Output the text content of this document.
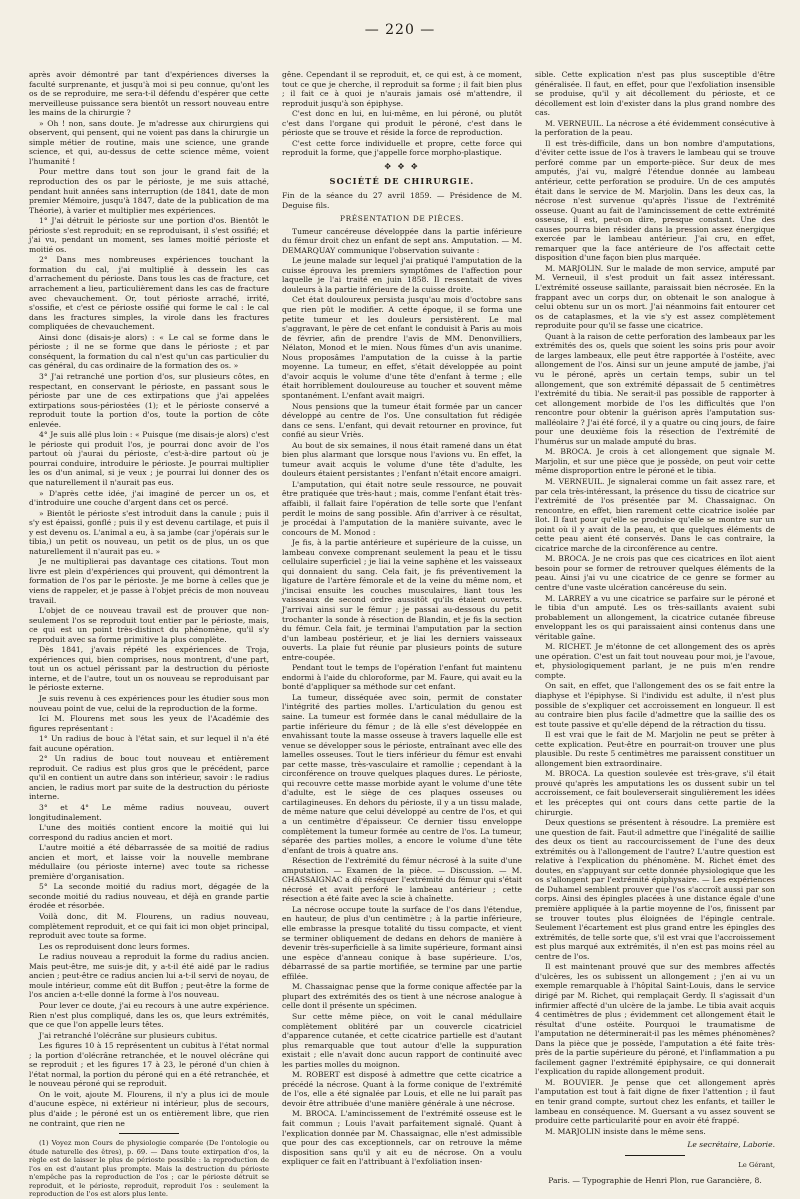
— 220 —

après avoir démontré par tant d'expériences diverses la faculté surprenante, et jusqu'à moi si peu connue, qu'ont les os de se reproduire, me sera-t-il défendu d'espérer que cette merveilleuse puissance sera bientôt un ressort nouveau entre les mains de la chirurgie ?

» Oh ! non, sans doute. Je m'adresse aux chirurgiens qui observent, qui pensent, qui ne voient pas dans la chirurgie un simple métier de routine, mais une science, une grande science, et qui, au-dessus de cette science même, voient l'humanité !

Pour mettre dans tout son jour le grand fait de la reproduction des os par le périoste, je me suis attaché, pendant huit années sans interruption (de 1841, date de mon premier Mémoire, jusqu'à 1847, date de la publication de ma Théorie), à varier et multiplier mes expériences.

1° J'ai détruit le périoste sur une portion d'os. Bientôt le périoste s'est reproduit; en se reproduisant, il s'est ossifié; et j'ai vu, pendant un moment, ses lames moitié périoste et moitié os.

2° Dans mes nombreuses expériences touchant la formation du cal, j'ai multiplié à dessein les cas d'arrachement du périoste. Dans tous les cas de fracture, cet arrachement a lieu, particulièrement dans les cas de fracture avec chevauchement. Or, tout périoste arraché, irrité, s'ossifie, et c'est ce périoste ossifié qui forme le cal : le cal dans les fractures simples, la virole dans les fractures compliquées de chevauchement.

Ainsi donc (disais-je alors) : « Le cal se forme dans le périoste ; il ne se forme que dans le périoste ; et par conséquent, la formation du cal n'est qu'un cas particulier du cas général, du cas ordinaire de la formation des os. »

3° J'ai retranché une portion d'os, sur plusieurs côtes, en respectant, en conservant le périoste, en passant sous le périoste par une de ces extirpations que j'ai appelées extirpations sous-périostées (1); et le périoste conservé a reproduit toute la portion d'os, toute la portion de côte enlevée.

4° Je suis allé plus loin : « Puisque (me disais-je alors) c'est le périoste qui produit l'os, je pourrai donc avoir de l'os partout où j'aurai du périoste, c'est-à-dire partout où je pourrai conduire, introduire le périoste. Je pourrai multiplier les os d'un animal, si je veux ; je pourrai lui donner des os que naturellement il n'aurait pas eus.

» D'après cette idée, j'ai imaginé de percer un os, et d'introduire une couche d'argent dans cet os percé.

» Bientôt le périoste s'est introduit dans la canule ; puis il s'y est épaissi, gonflé ; puis il y est devenu cartilage, et puis il y est devenu os. L'animal a eu, à sa jambe (car j'opérais sur le tibia,) un petit os nouveau, un petit os de plus, un os que naturellement il n'aurait pas eu. »

Je ne multiplierai pas davantage ces citations. Tout mon livre est plein d'expériences qui prouvent, qui démontrent la formation de l'os par le périoste. Je me borne à celles que je viens de rappeler, et je passe à l'objet précis de mon nouveau travail.

L'objet de ce nouveau travail est de prouver que non-seulement l'os se reproduit tout entier par le périoste, mais, ce qui est un point très-distinct du phénomène, qu'il s'y reproduit avec sa forme primitive la plus complète.

Dès 1841, j'avais répété les expériences de Troja, expériences qui, bien comprises, nous montrent, d'une part, tout un os actuel périssant par la destruction du périoste interne, et de l'autre, tout un os nouveau se reproduisant par le périoste externe.

Je suis revenu à ces expériences pour les étudier sous mon nouveau point de vue, celui de la reproduction de la forme.

Ici M. Flourens met sous les yeux de l'Académie des figures représentant :

1° Un radius de bouc à l'état sain, et sur lequel il n'a été fait aucune opération.

2° Un radius de bouc tout nouveau et entièrement reproduit. Ce radius est plus gros que le précédent, parce qu'il en contient un autre dans son intérieur, savoir : le radius ancien, le radius mort par suite de la destruction du périoste interne.

3° et 4° Le même radius nouveau, ouvert longitudinalement.

L'une des moitiés contient encore la moitié qui lui correspond du radius ancien et mort.

L'autre moitié a été débarrassée de sa moitié de radius ancien et mort, et laisse voir la nouvelle membrane médullaire (ou périoste interne) avec toute sa richesse première d'organisation.

5° La seconde moitié du radius mort, dégagée de la seconde moitié du radius nouveau, et déjà en grande partie érodée et résorbée.

Voilà donc, dit M. Flourens, un radius nouveau, complètement reproduit, et ce qui fait ici mon objet principal, reproduit avec toute sa forme.

Les os reproduisent donc leurs formes.

Le radius nouveau a reproduit la forme du radius ancien. Mais peut-être, me suis-je dit, y a-t-il été aidé par le radius ancien ; peut-être ce radius ancien lui a-t-il servi de noyau, de moule intérieur, comme eût dit Buffon ; peut-être la forme de l'os ancien a-t-elle donné la forme à l'os nouveau.

Pour lever ce doute, j'ai eu recours à une autre expérience. Rien n'est plus compliqué, dans les os, que leurs extrémités, que ce que l'on appelle leurs têtes.

J'ai retranché l'olécrâne sur plusieurs cubitus.

Les figures 10 à 15 représentent un cubitus à l'état normal ; la portion d'olécrâne retranchée, et le nouvel olécrâne qui se reproduit ; et les figures 17 à 23, le péroné d'un chien à l'état normal, la portion du péroné qui en a été retranchée, et le nouveau péroné qui se reproduit.

On le voit, ajoute M. Flourens, il n'y a plus ici de moule d'aucune espèce, ni extérieur ni intérieur, plus de secours, plus d'aide ; le péroné est un os entièrement libre, que rien ne contraint, que rien ne

(1) Voyez mon Cours de physiologie comparée (De l'ontologie ou étude naturelle des êtres), p. 69. — Dans toute extirpation d'os, la règle est de laisser le plus de périoste possible : la reproduction de l'os en est d'autant plus prompte. Mais la destruction du périoste n'empêche pas la reproduction de l'os ; car le périoste détruit se reproduit, et le périoste, reproduit, reproduit l'os : seulement la reproduction de l'os est alors plus lente.

gêne. Cependant il se reproduit, et, ce qui est, à ce moment, tout ce que je cherche, il reproduit sa forme ; il fait bien plus ; il fait ce à quoi je n'aurais jamais osé m'attendre, il reproduit jusqu'à son épiphyse.

C'est donc en lui, en lui-même, en lui péroné, ou plutôt c'est dans l'organe qui produit le péroné, c'est dans le périoste que se trouve et réside la force de reproduction.

C'est cette force individuelle et propre, cette force qui reproduit la forme, que j'appelle force morpho-plastique.

✥ ✥ ✥
SOCIÉTÉ DE CHIRURGIE.

Fin de la séance du 27 avril 1859. — Présidence de M. Deguise fils.

PRÉSENTATION DE PIÈCES.

Tumeur cancéreuse développée dans la partie inférieure du fémur droit chez un enfant de sept ans. Amputation. — M. DEMARQUAY communique l'observation suivante :

Le jeune malade sur lequel j'ai pratiqué l'amputation de la cuisse éprouva les premiers symptômes de l'affection pour laquelle je l'ai traité en juin 1858. Il ressentait de vives douleurs à la partie inférieure de la cuisse droite.

Cet état douloureux persista jusqu'au mois d'octobre sans que rien pût le modifier. A cette époque, il se forma une petite tumeur et les douleurs persistèrent. Le mal s'aggravant, le père de cet enfant le conduisit à Paris au mois de février, afin de prendre l'avis de MM. Denonvilliers, Nélaton, Monod et le mien. Nous fûmes d'un avis unanime. Nous proposâmes l'amputation de la cuisse à la partie moyenne. La tumeur, en effet, s'était développée au point d'avoir acquis le volume d'une tête d'enfant à terme ; elle était horriblement douloureuse au toucher et souvent même spontanément. L'enfant avait maigri.

Nous pensions que la tumeur était formée par un cancer développé au centre de l'os. Une consultation fut rédigée dans ce sens. L'enfant, qui devait retourner en province, fut confié au sieur Vriès.

Au bout de six semaines, il nous était ramené dans un état bien plus alarmant que lorsque nous l'avions vu. En effet, la tumeur avait acquis le volume d'une tête d'adulte, les douleurs étaient persistantes ; l'enfant n'était encore amaigri.

L'amputation, qui était notre seule ressource, ne pouvait être pratiquée que très-haut ; mais, comme l'enfant était très-affaibli, il fallait faire l'opération de telle sorte que l'enfant perdît le moins de sang possible. Afin d'arriver à ce résultat, je procédai à l'amputation de la manière suivante, avec le concours de M. Monod :

Je fis, à la partie antérieure et supérieure de la cuisse, un lambeau convexe comprenant seulement la peau et le tissu cellulaire superficiel ; je liai la veine saphène et les vaisseaux qui donnaient du sang. Cela fait, je fis préventivement la ligature de l'artère fémorale et de la veine du même nom, et j'incisai ensuite les couches musculaires, liant tous les vaisseaux de second ordre aussitôt qu'ils étaient ouverts. J'arrivai ainsi sur le fémur ; je passai au-dessous du petit trochanter la sonde à résection de Blandin, et je fis la section du fémur. Cela fait, je terminai l'amputation par la section d'un lambeau postérieur, et je liai les derniers vaisseaux ouverts. La plaie fut réunie par plusieurs points de suture entre-coupée.

Pendant tout le temps de l'opération l'enfant fut maintenu endormi à l'aide du chloroforme, par M. Faure, qui avait eu la bonté d'appliquer sa méthode sur cet enfant.

La tumeur, disséquée avec soin, permit de constater l'intégrité des parties molles. L'articulation du genou est saine. La tumeur est formée dans le canal médullaire de la partie inférieure du fémur ; de là elle s'est développée en envahissant toute la masse osseuse à travers laquelle elle est venue se développer sous le périoste, entraînant avec elle des lamelles osseuses. Tout le tiers inférieur du fémur est envahi par cette masse, très-vasculaire et ramollie ; cependant à la circonférence on trouve quelques plaques dures. Le périoste, qui recouvre cette masse morbide ayant le volume d'une tête d'adulte, est le siège de ces plaques osseuses ou cartilagineuses. En dehors du périoste, il y a un tissu malade, de même nature que celui développé au centre de l'os, et qui a un centimètre d'épaisseur. Ce dernier tissu enveloppe complètement la tumeur formée au centre de l'os. La tumeur, séparée des parties molles, a encore le volume d'une tête d'enfant de trois à quatre ans.

Résection de l'extrémité du fémur nécrosé à la suite d'une amputation. — Examen de la pièce. — Discussion. — M. CHASSAIGNAC a dû réséquer l'extrémité du fémur qui s'était nécrosé et avait perforé le lambeau antérieur ; cette résection a été faite avec la scie à chaînette.

La nécrose occupe toute la surface de l'os dans l'étendue, en hauteur, de plus d'un centimètre ; à la partie inférieure, elle embrasse la presque totalité du tissu compacte, et vient se terminer obliquement de dedans en dehors de manière à devenir très-superficielle à sa limite supérieure, formant ainsi une espèce d'anneau conique à base supérieure. L'os, débarrassé de sa partie mortifiée, se termine par une partie effilée.

M. Chassaignac pense que la forme conique affectée par la plupart des extrémités des os tient à une nécrose analogue à celle dont il présente un spécimen.

Sur cette même pièce, on voit le canal médullaire complètement oblitéré par un couvercle cicatriciel d'apparence cutanée, et cette cicatrice partielle est d'autant plus remarquable que tout autour d'elle la suppuration existait ; elle n'avait donc aucun rapport de continuité avec les parties molles du moignon.

M. ROBERT est disposé à admettre que cette cicatrice a précédé la nécrose. Quant à la forme conique de l'extrémité de l'os, elle a été signalée par Louis, et elle ne lui paraît pas devoir être attribuée d'une manière générale à une nécrose.

M. BROCA. L'amincissement de l'extrémité osseuse est le fait commun ; Louis l'avait parfaitement signalé. Quant à l'explication donnée par M. Chassaignac, elle n'est admissible que pour des cas exceptionnels, car on retrouve la même disposition sans qu'il y ait eu de nécrose. On a voulu expliquer ce fait en l'attribuant à l'exfoliation insen-

sible. Cette explication n'est pas plus susceptible d'être généralisée. Il faut, en effet, pour que l'exfoliation insensible se produise, qu'il y ait décollement du périoste, et ce décollement est loin d'exister dans la plus grand nombre des cas.

M. VERNEUIL. La nécrose a été évidemment consécutive à la perforation de la peau.

Il est très-difficile, dans un bon nombre d'amputations, d'éviter cette issue de l'os à travers le lambeau qui se trouve perforé comme par un emporte-pièce. Sur deux de mes amputés, j'ai vu, malgré l'étendue donnée au lambeau antérieur, cette perforation se produire. Un de ces amputés était dans le service de M. Marjolin. Dans les deux cas, la nécrose n'est survenue qu'après l'issue de l'extrémité osseuse. Quant au fait de l'amincissement de cette extrémité osseuse, il est, peut-on dire, presque constant. Une des causes pourra bien résider dans la pression assez énergique exercée par le lambeau antérieur. J'ai cru, en effet, remarquer que la face antérieure de l'os affectait cette disposition d'une façon bien plus marquée.

M. MARJOLIN. Sur le malade de mon service, amputé par M. Verneuil, il s'est produit un fait assez intéressant. L'extrémité osseuse saillante, paraissait bien nécrosée. En la frappant avec un corps dur, on obtenait le son analogue à celui obtenu sur un os mort. J'ai néanmoins fait entourer cet os de cataplasmes, et la vie s'y est assez complètement reproduite pour qu'il se fasse une cicatrice.

Quant à la raison de cette perforation des lambeaux par les extrémités des os, quels que soient les soins pris pour avoir de larges lambeaux, elle peut être rapportée à l'ostéite, avec allongement de l'os. Ainsi sur un jeune amputé de jambe, j'ai vu le péroné, après un certain temps, subir un tel allongement, que son extrémité dépassait de 5 centimètres l'extrémité du tibia. Ne serait-il pas possible de rapporter à cet allongement morbide de l'os les difficultés que l'on rencontre pour obtenir la guérison après l'amputation sus-malléolaire ? J'ai été forcé, il y a quatre ou cinq jours, de faire pour une deuxième fois la résection de l'extrémité de l'humérus sur un malade amputé du bras.

M. BROCA. Je crois à cet allongement que signale M. Marjolin, et sur une pièce que je possède, on peut voir cette même disproportion entre le péroné et le tibia.

M. VERNEUIL. Je signalerai comme un fait assez rare, et par cela très-intéressant, la présence du tissu de cicatrice sur l'extrémité de l'os présentée par M. Chassaignac. On rencontre, en effet, bien rarement cette cicatrice isolée par îlot. Il faut pour qu'elle se produise qu'elle se montre sur un point où il y avait de la peau, et que quelques éléments de cette peau aient été conservés. Dans le cas contraire, la cicatrice marche de la circonférence au centre.

M. BROCA. Je ne crois pas que ces cicatrices en îlot aient besoin pour se former de retrouver quelques éléments de la peau. Ainsi j'ai vu une cicatrice de ce genre se former au centre d'une vaste ulcération cancéreuse du sein.

M. LARREY a vu une cicatrice se parfaire sur le péroné et le tibia d'un amputé. Les os très-saillants avaient subi probablement un allongement, la cicatrice cutanée fibreuse enveloppant les os qui paraissaient ainsi contenus dans une véritable gaîne.

M. RICHET. Je m'étonne de cet allongement des os après une opération. C'est un fait tout nouveau pour moi, je l'avoue, et, physiologiquement parlant, je ne puis m'en rendre compte.

On sait, en effet, que l'allongement des os se fait entre la diaphyse et l'épiphyse. Si l'individu est adulte, il n'est plus possible de s'expliquer cet accroissement en longueur. Il est au contraire bien plus facile d'admettre que la saillie des os est toute passive et qu'elle dépend de la rétraction du tissu.

Il est vrai que le fait de M. Marjolin ne peut se prêter à cette explication. Peut-être en pourrait-on trouver une plus plausible. Du reste 5 centimètres me paraissent constituer un allongement bien extraordinaire.

M. BROCA. La question soulevée est très-grave, s'il était prouvé qu'après les amputations les os dussent subir un tel accroissement, ce fait bouleverserait singulièrement les idées et les préceptes qui ont cours dans cette partie de la chirurgie.

Deux questions se présentent à résoudre. La première est une question de fait. Faut-il admettre que l'inégalité de saillie des deux os tient au raccourcissement de l'une des deux extrémités ou à l'allongement de l'autre? L'autre question est relative à l'explication du phénomène. M. Richet émet des doutes, en s'appuyant sur cette donnée physiologique que les os s'allongent par l'extrémité épiphysaire. — Les expériences de Duhamel semblent prouver que l'os s'accroît aussi par son corps. Ainsi des épingles placées à une distance égale d'une première appliquée à la partie moyenne de l'os, finissent par se trouver toutes plus éloignées de l'épingle centrale. Seulement l'écartement est plus grand entre les épingles des extrémités, de telle sorte que, s'il est vrai que l'accroissement est plus marqué aux extrémités, il n'en est pas moins réel au centre de l'os.

Il est maintenant prouvé que sur des membres affectés d'ulcères, les os subissent un allongement ; j'en ai vu un exemple remarquable à l'hôpital Saint-Louis, dans le service dirigé par M. Richet, qui remplaçait Gerdy. Il s'agissait d'un infirmier affecté d'un ulcère de la jambe. Le tibia avait acquis 4 centimètres de plus ; évidemment cet allongement était le résultat d'une ostéite. Pourquoi le traumatisme de l'amputation ne déterminerait-il pas les mêmes phénomènes? Dans la pièce que je possède, l'amputation a été faite très-près de la partie supérieure du péroné, et l'inflammation a pu facilement gagner l'extrémité épiphysaire, ce qui donnerait l'explication du rapide allongement produit.

M. BOUVIER. Je pense que cet allongement après l'amputation est tout à fait digne de fixer l'attention ; il faut en tenir grand compte, surtout chez les enfants, et tailler le lambeau en conséquence. M. Guersant a vu assez souvent se produire cette particularité pour en avoir été frappé.

M. MARJOLIN insiste dans le même sens.

Le secrétaire, Laborie.
Le Gérant,
Paris. — Typographie de Henri Plon, rue Garancière, 8.
